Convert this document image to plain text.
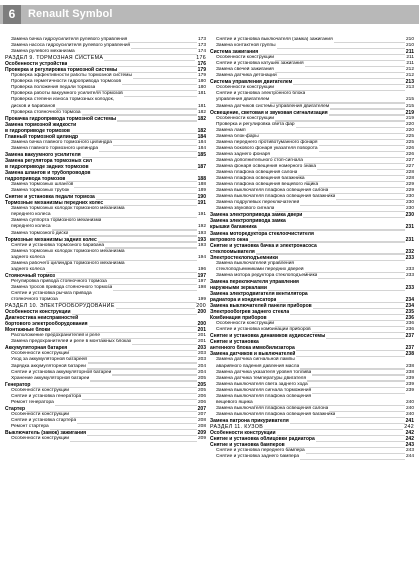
6	Renault Symbol
Замена бачка гидроусилителя рулевого управления	173
Замена насоса гидроусилителя рулевого управления	173
Замена рулевого механизма	174
РАЗДЕЛ 9. ТОРМОЗНАЯ СИСТЕМА	176
Особенности устройства	176
Проверка и регулировка тормозной системы	179
Проверка эффективности работы тормозной системы	179
Проверка герметичности гидропривода тормозов	180
Проверка положения педали тормоза	180
Проверка работы вакуумного усилителя тормозов	181
Проверка степени износа тормозных колодок,
дисков и барабанов	181
Проверка стояночного тормоза	182
Прокачка гидропривода тормозной системы	182
Замена тормозной жидкости
в гидроприводе тормозов	182
Главный тормозной цилиндр	184
Замена бачка главного тормозного цилиндра	184
Замена главного тормозного цилиндра	184
Замена вакуумного усилителя	185
Замена регулятора тормозных сил
в гидроприводе задних тормозов	187
Замена шлангов и трубопроводов
гидропривода тормозов	188
Замена тормозных шлангов	188
Замена тормозных трубок	189
Снятие и установка педали тормоза	190
Тормозные механизмы передних колес	191
Замена тормозных колодок тормозного механизма
переднего колеса	191
Замена суппорта тормозного механизма
переднего колеса	192
Замена тормозного диска	193
Тормозные механизмы задних колес	193
Снятие и установка тормозного барабана	193
Замена тормозных колодок тормозного механизма
заднего колеса	194
Замена рабочего цилиндра тормозного механизма
заднего колеса	196
Стояночный тормоз	197
Регулировка привода стояночного тормоза	197
Замена тросов привода стояночного тормоза	198
Снятие и установка рычага привода
стояночного тормоза	199
РАЗДЕЛ 10. ЭЛЕКТРООБОРУДОВАНИЕ	200
Особенности конструкции	200
Диагностика неисправностей
бортового электрооборудования	200
Монтажные блоки	201
Расположение предохранителей и реле	201
Замена предохранителей и реле в монтажных блоках	201
Аккумуляторная батарея	203
Особенности конструкции	203
Уход за аккумуляторной батареей	203
Зарядка аккумуляторной батареи	204
Снятие и установка аккумуляторной батареи	204
Хранение аккумуляторной батареи	205
Генератор	205
Особенности конструкции	205
Снятие и установка генератора	206
Ремонт генератора	206
Стартер	207
Особенности конструкции	207
Снятие и установка стартера	208
Ремонт стартера	208
Выключатель (замок) зажигания	209
Особенности конструкции	209
Снятие и установка выключателя (замка) зажигания	210
Замена контактной группы	210
Система зажигания	211
Особенности конструкции	211
Снятие и установка катушек зажигания	211
Замена свечей зажигания	212
Замена датчика детонации	212
Система управления двигателем	213
Особенности конструкции	213
Снятие и установка электронного блока
управления двигателем	215
Замена датчиков системы управления двигателем	215
Освещение, световая и звуковая сигнализация	219
Особенности конструкции	219
Проверка и регулировка света фар	220
Замена ламп	220
Замена блок-фары	225
Замена переднего противотуманного фонаря	225
Замена бокового фонаря указателя поворота	226
Замена заднего фонаря	226
Замена дополнительного стоп-сигнала	227
Замена фонаря освещения номерного знака	227
Замена плафона освещения салона	228
Замена плафона освещения багажника	228
Замена плафона освещения вещевого ящика	229
Замена выключателя плафона освещения салона	229
Замена выключателя плафона освещения багажника	230
Замена подрулевых переключателей	230
Замена звукового сигнала	230
Замена электропривода замка двери	230
Замена электропривода замка
крышки багажника	231
Замена моторедуктора стеклоочистителя
ветрового окна	231
Снятие и установка бачка и электронасоса
стеклоомывателя	232
Электростеклоподъемники	233
Замена выключателей управления
стеклоподъемниками передних дверей	233
Замена мотора редуктора стеклоподъемника	233
Замена переключателя управления
наружными зеркалами	233
Замена электродвигателя вентилятора
радиатора и конденсатора	234
Замена выключателей панели приборов	234
Электрообогрев заднего стекла	235
Комбинация приборов	236
Особенности конструкции	236
Снятие и установка комбинации приборов	236
Снятие и установка динамиков аудиосистемы	237
Снятие и установка
антенного блока иммобилизатора	237
Замена датчиков и выключателей	238
Замена датчика сигнальной лампы
аварийного падения давления масла	238
Замена датчика указателя уровня топлива	238
Замена датчика температуры двигателя	239
Замена выключателя света заднего хода	239
Замена выключателя сигнала торможения	239
Замена выключателя плафона освещения
вещевого ящика	240
Замена выключателя плафона освещения салона	240
Замена выключателя плафона освещения багажника	240
Замена патрона прикуривателя	241
РАЗДЕЛ 11. КУЗОВ	242
Особенности конструкции	242
Снятие и установка облицовки радиатора	242
Снятие и установка бамперов	243
Снятие и установка переднего бампера	243
Снятие и установка заднего бампера	244
